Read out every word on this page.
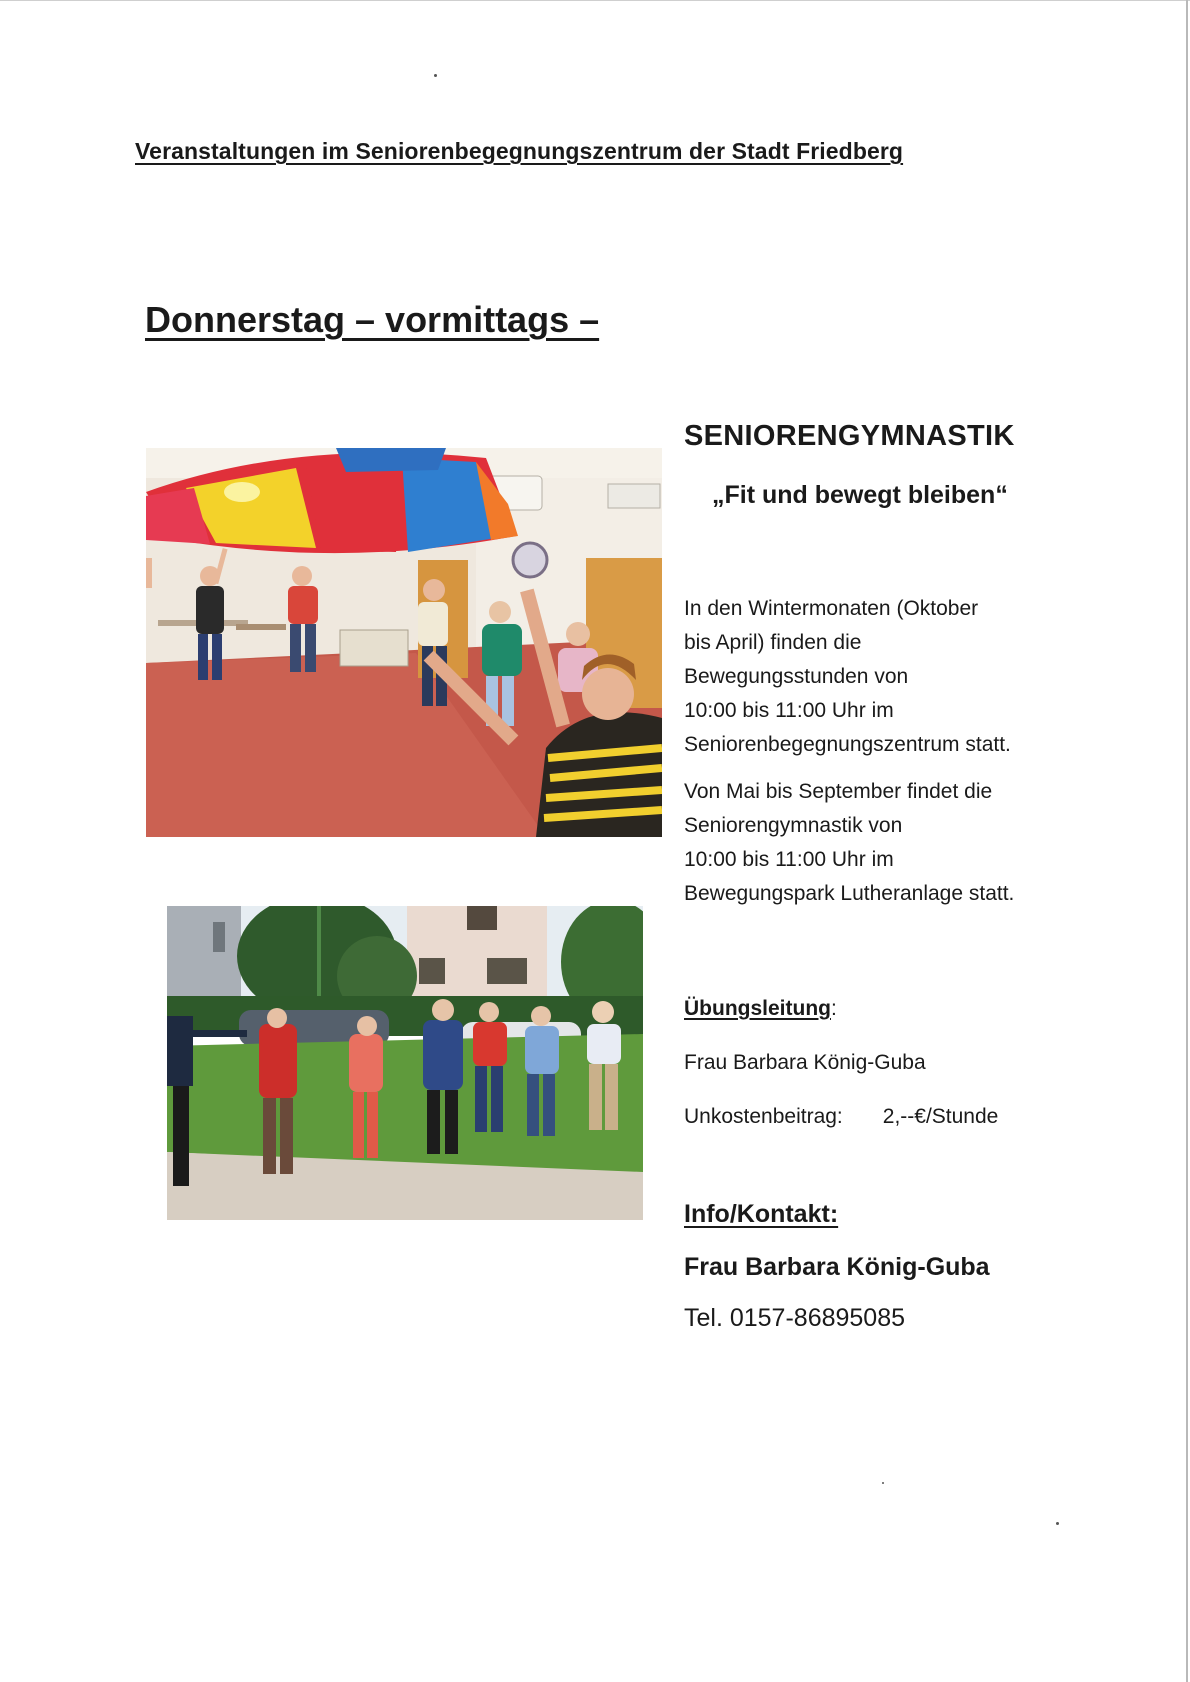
Veranstaltungen im Seniorenbegegnungszentrum der Stadt Friedberg
Donnerstag – vormittags –
SENIORENGYMNASTIK
„Fit und bewegt bleiben“

In den Wintermonaten (Oktober
bis April) finden die
Bewegungsstunden von
10:00 bis 11:00 Uhr im
Seniorenbegegnungszentrum statt.

Von Mai bis September findet die
Seniorengymnastik von
10:00 bis 11:00 Uhr im
Bewegungspark Lutheranlage statt.

Übungsleitung:
Frau Barbara König-Guba
Unkostenbeitrag: 2,--€/Stunde
Info/Kontakt:
Frau Barbara König-Guba
Tel. 0157-86895085
